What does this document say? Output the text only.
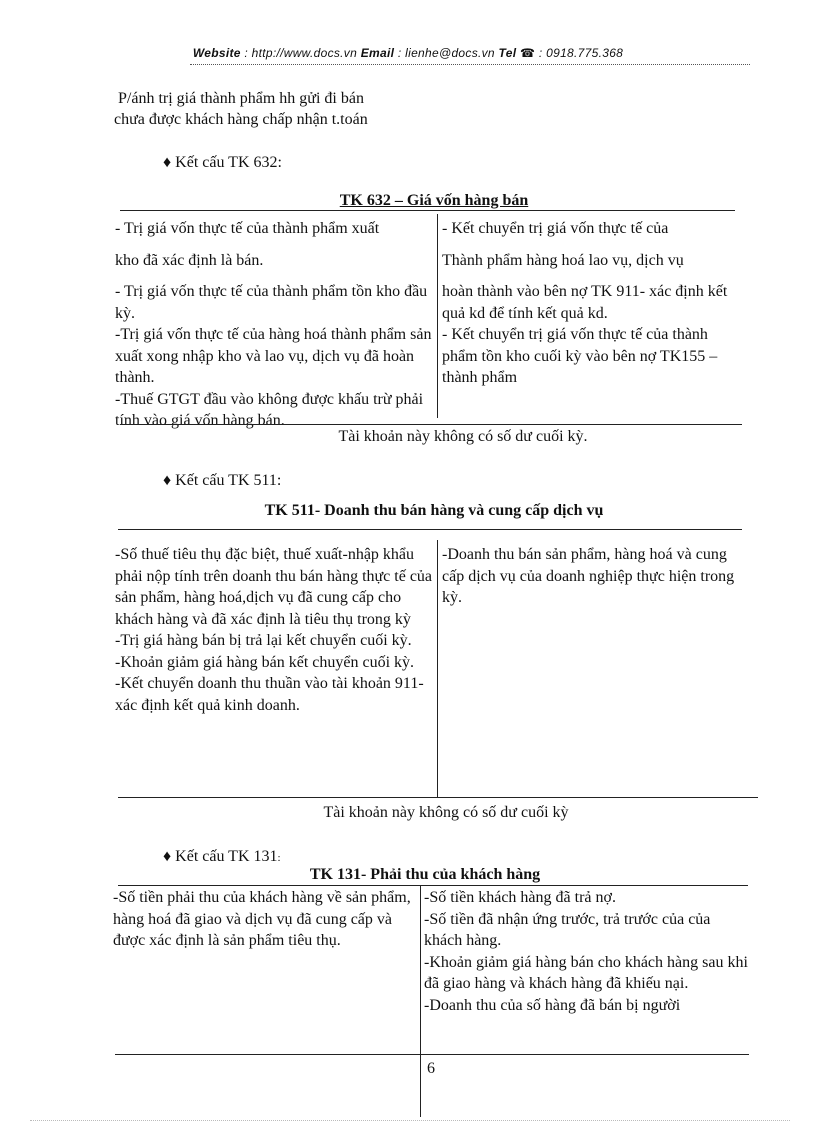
Website : http://www.docs.vn Email : lienhe@docs.vn Tel ☎ : 0918.775.368
P/ánh trị giá thành phẩm hh gửi đi bán
chưa được khách hàng chấp nhận t.toán
♦ Kết cấu TK 632:
TK 632 – Giá vốn hàng bán
- Trị giá vốn thực tế của thành phẩm xuất
kho đã xác định là bán.
- Trị giá vốn thực tế của thành phẩm tồn kho đầu kỳ.
-Trị giá vốn thực tế của hàng hoá thành phẩm sản xuất xong nhập kho và lao vụ, dịch vụ đã hoàn thành.
-Thuế GTGT đầu vào không được khấu trừ phải tính vào giá vốn hàng bán.
- Kết chuyển trị giá vốn thực tế của
Thành phẩm hàng hoá lao vụ, dịch vụ
hoàn thành vào bên nợ TK 911- xác định kết quả kd để tính kết quả kd.
- Kết chuyển trị giá vốn thực tế của thành phẩm tồn kho cuối kỳ vào bên nợ TK155 – thành phẩm
Tài khoản này không có số dư cuối kỳ.
♦ Kết cấu TK 511:
TK 511- Doanh thu bán hàng và cung cấp dịch vụ
-Số thuế tiêu thụ đặc biệt, thuế xuất-nhập khẩu phải nộp tính trên doanh thu bán hàng thực tế của sản phẩm, hàng hoá,dịch vụ đã cung cấp cho khách hàng và đã xác định là tiêu thụ trong kỳ
-Trị giá hàng bán bị trả lại kết chuyển cuối kỳ.
-Khoản giảm giá hàng bán kết chuyển cuối kỳ.
-Kết chuyển doanh thu thuần vào tài khoản 911- xác định kết quả kinh doanh.
-Doanh thu bán sản phẩm, hàng hoá và cung cấp dịch vụ của doanh nghiệp thực hiện trong kỳ.
Tài khoản này không có số dư cuối kỳ
♦ Kết cấu TK 131:
TK 131- Phải thu của khách hàng
-Số tiền phải thu của khách hàng về sản phẩm, hàng hoá đã giao và dịch vụ đã cung cấp và được xác định là sản phẩm tiêu thụ.
-Số tiền khách hàng đã trả nợ.
-Số tiền đã nhận ứng trước, trả trước của của khách hàng.
-Khoản giảm giá hàng bán cho khách hàng sau khi đã giao hàng và khách hàng đã khiếu nại.
-Doanh thu của số hàng đã bán bị người
6
